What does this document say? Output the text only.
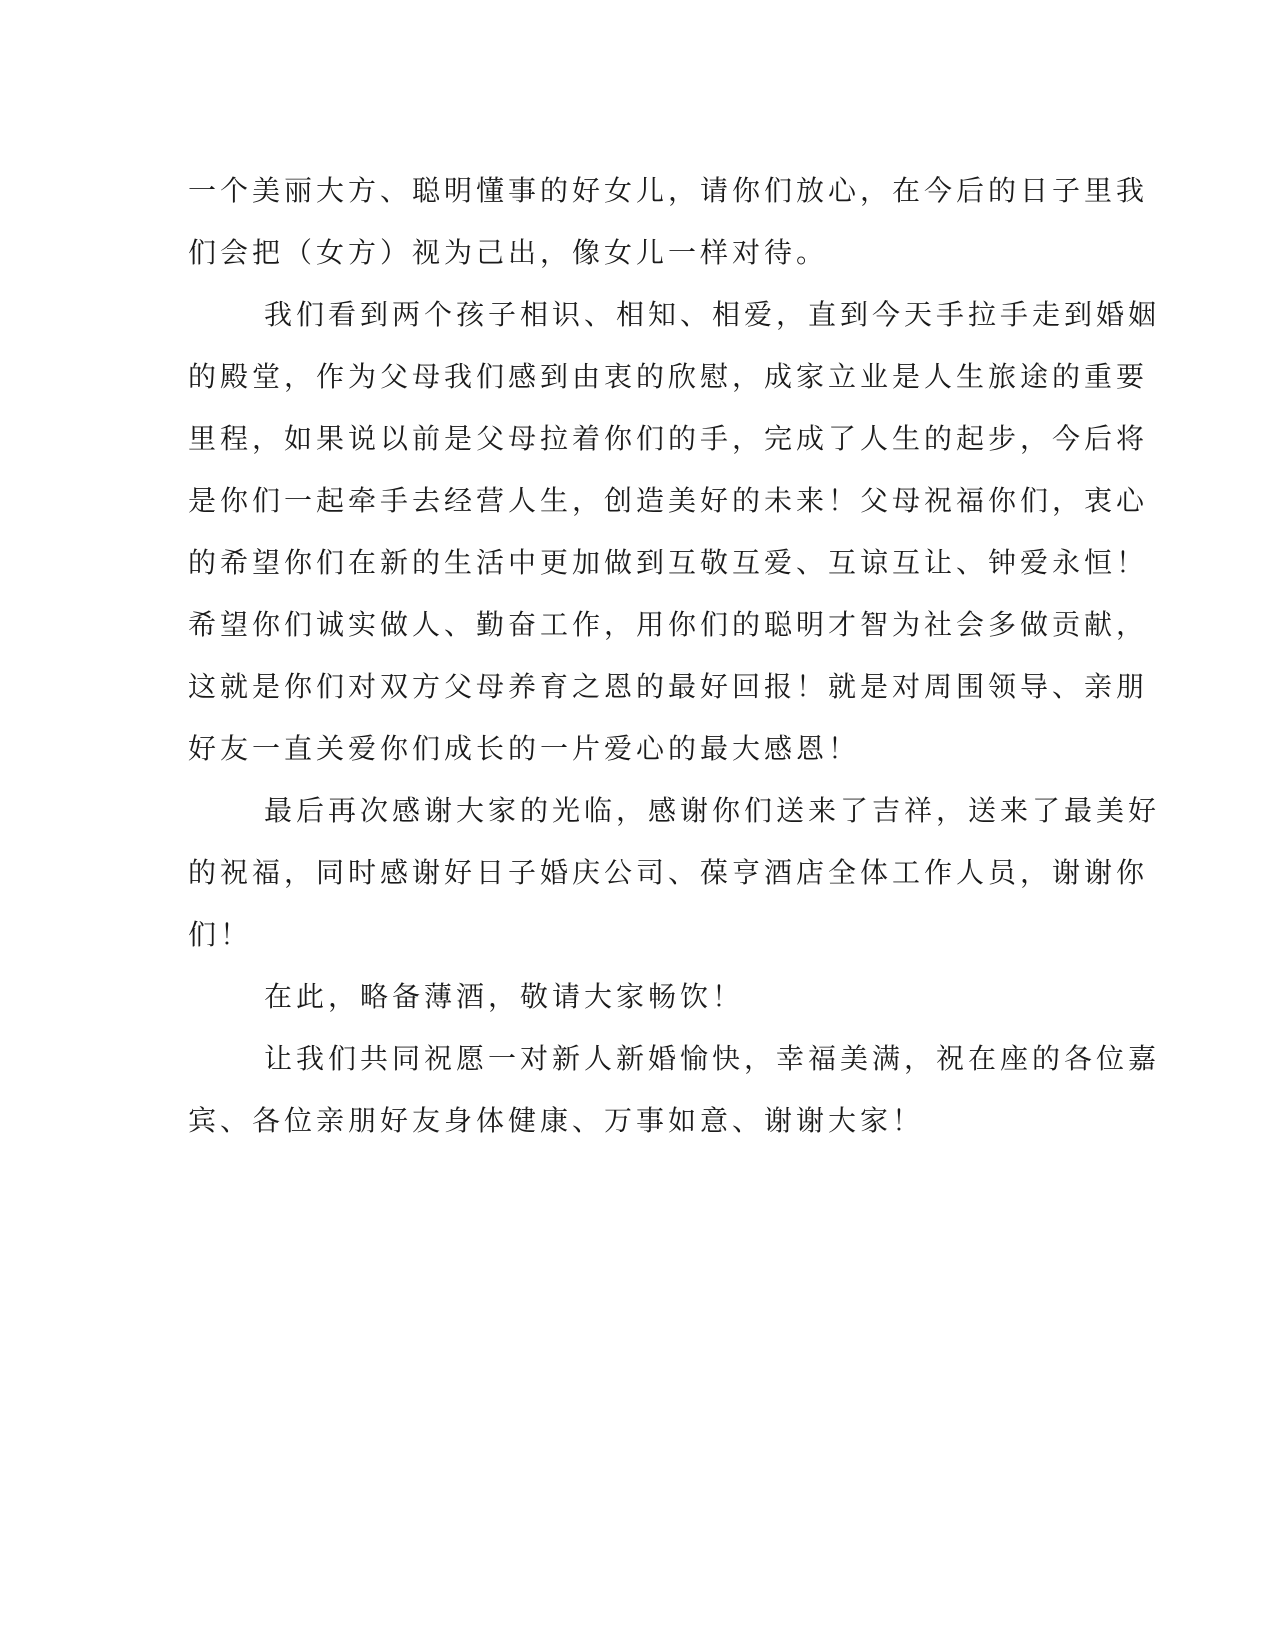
一个美丽大方、聪明懂事的好女儿，请你们放心，在今后的日子里我
们会把（女方）视为己出，像女儿一样对待。
我们看到两个孩子相识、相知、相爱，直到今天手拉手走到婚姻
的殿堂，作为父母我们感到由衷的欣慰，成家立业是人生旅途的重要
里程，如果说以前是父母拉着你们的手，完成了人生的起步，今后将
是你们一起牵手去经营人生，创造美好的未来！父母祝福你们，衷心
的希望你们在新的生活中更加做到互敬互爱、互谅互让、钟爱永恒！
希望你们诚实做人、勤奋工作，用你们的聪明才智为社会多做贡献，
这就是你们对双方父母养育之恩的最好回报！就是对周围领导、亲朋
好友一直关爱你们成长的一片爱心的最大感恩！
最后再次感谢大家的光临，感谢你们送来了吉祥，送来了最美好
的祝福，同时感谢好日子婚庆公司、葆亨酒店全体工作人员，谢谢你
们！
在此，略备薄酒，敬请大家畅饮！
让我们共同祝愿一对新人新婚愉快，幸福美满，祝在座的各位嘉
宾、各位亲朋好友身体健康、万事如意、谢谢大家！
